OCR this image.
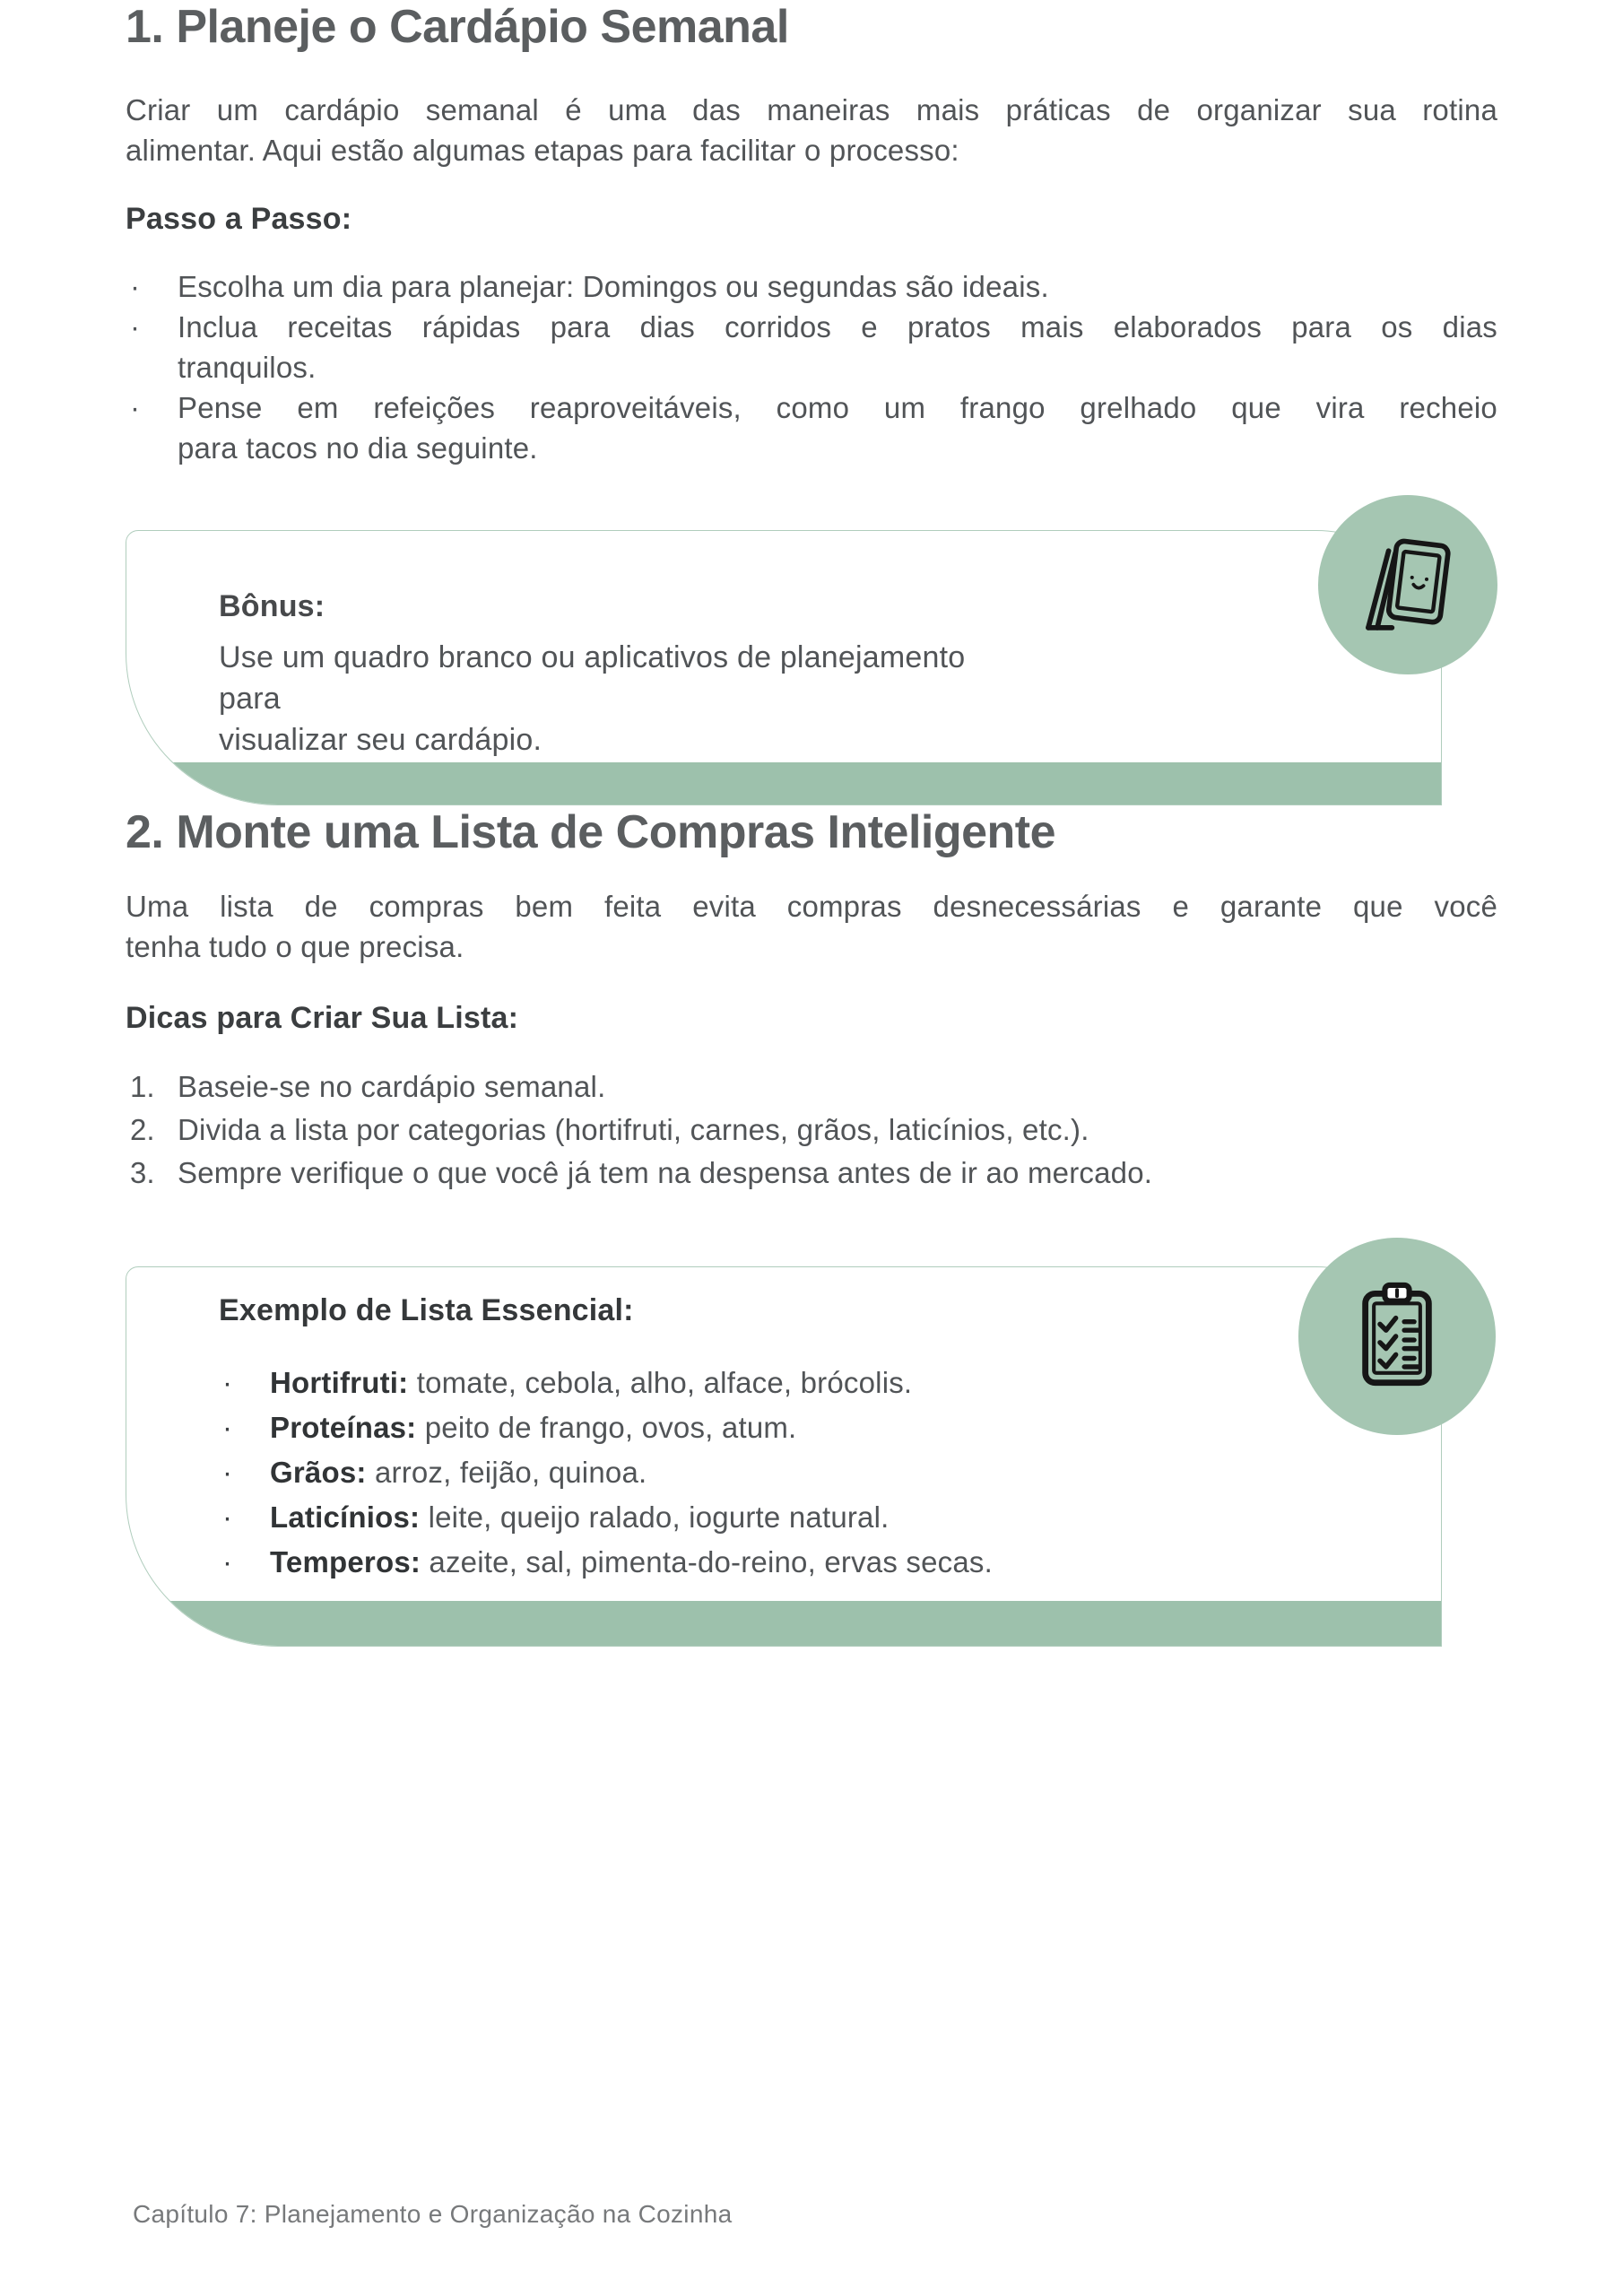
1. Planeje o Cardápio Semanal
Criar um cardápio semanal é uma das maneiras mais práticas de organizar sua rotina
alimentar. Aqui estão algumas etapas para facilitar o processo:

Passo a Passo:

·	Escolha um dia para planejar: Domingos ou segundas são ideais.
·	Inclua receitas rápidas para dias corridos e pratos mais elaborados para os dias
tranquilos.
·	Pense em refeições reaproveitáveis, como um frango grelhado que vira recheio
para tacos no dia seguinte.

Bônus:

Use um quadro branco ou aplicativos de planejamento para
visualizar seu cardápio.
2. Monte uma Lista de Compras Inteligente
Uma lista de compras bem feita evita compras desnecessárias e garante que você
tenha tudo o que precisa.

Dicas para Criar Sua Lista:

1. Baseie-se no cardápio semanal.
2. Divida a lista por categorias (hortifruti, carnes, grãos, laticínios, etc.).
3. Sempre verifique o que você já tem na despensa antes de ir ao mercado.

Exemplo de Lista Essencial:

·	Hortifruti: tomate, cebola, alho, alface, brócolis.
·	Proteínas: peito de frango, ovos, atum.
·	Grãos: arroz, feijão, quinoa.
·	Laticínios: leite, queijo ralado, iogurte natural.
·	Temperos: azeite, sal, pimenta-do-reino, ervas secas.
Capítulo 7: Planejamento e Organização na Cozinha
